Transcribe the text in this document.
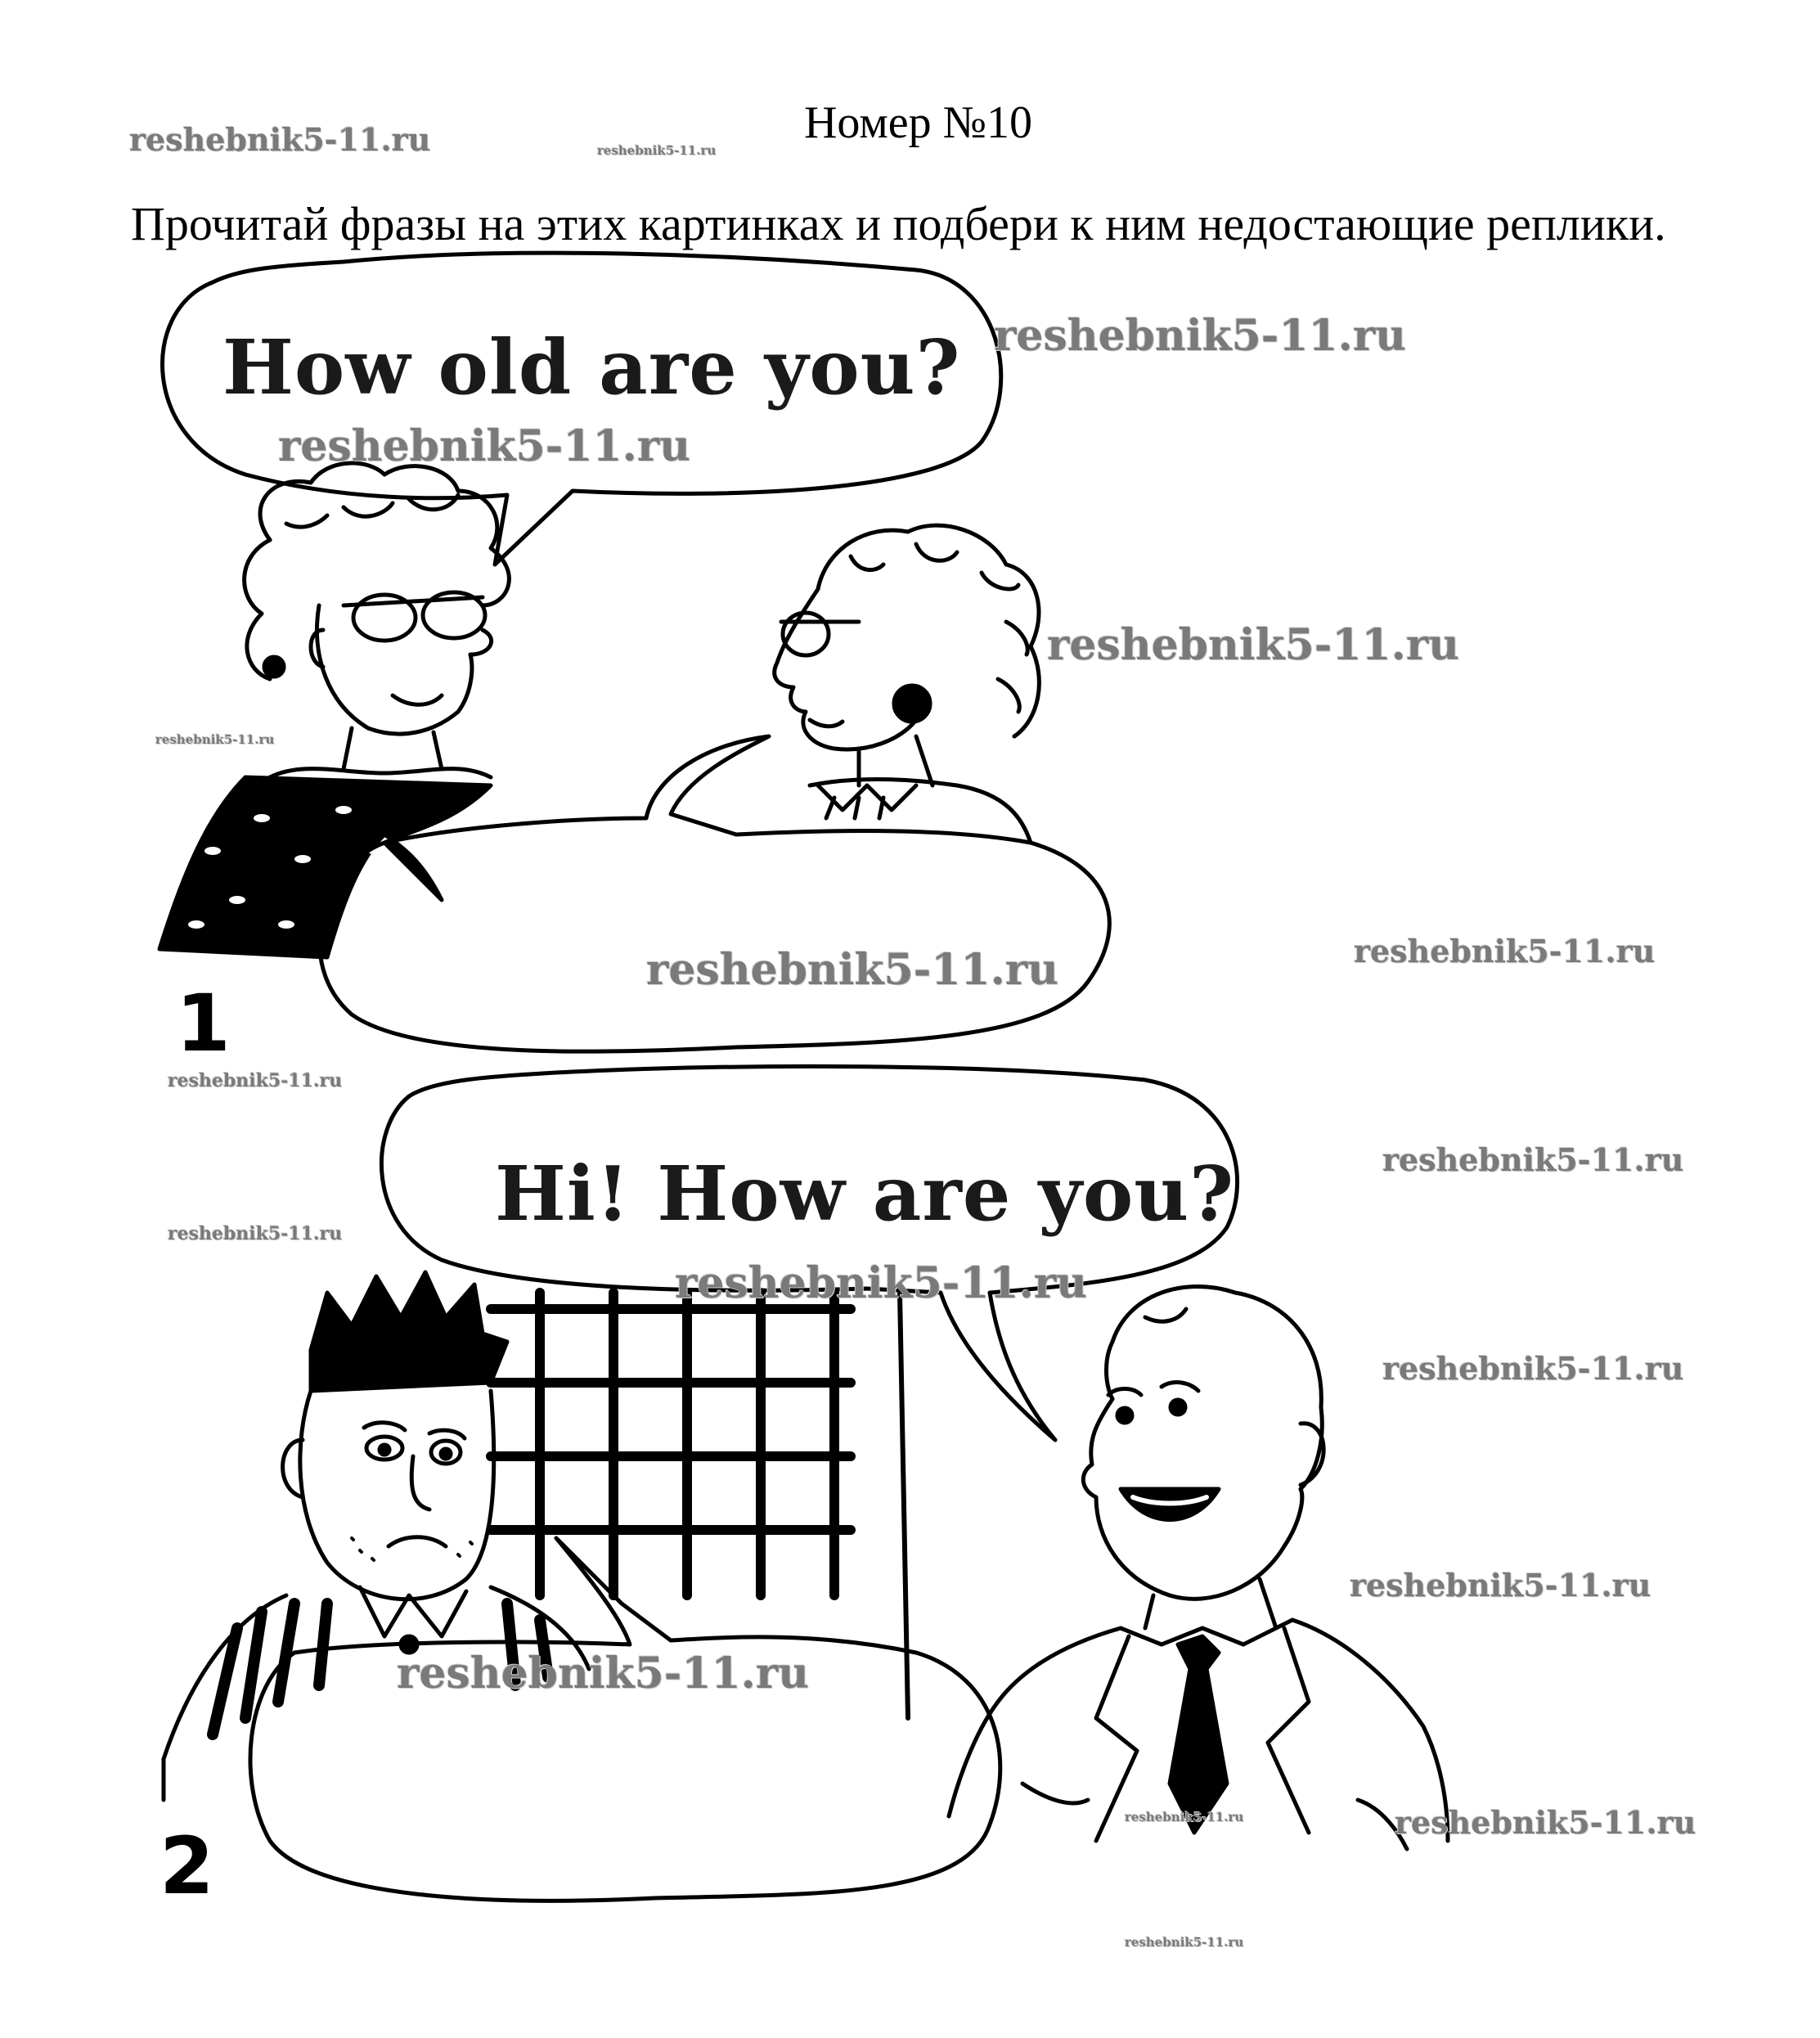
Номер №10
Прочитай фразы на этих картинках и подбери к ним недостающие реплики.
How old are you?
Hi! How are you?
1
2
reshebnik5-11.ru	reshebnik5-11.ru
reshebnik5-11.ru
reshebnik5-11.ru
reshebnik5-11.ru
reshebnik5-11.ru
reshebnik5-11.ru	reshebnik5-11.ru
reshebnik5-11.ru
reshebnik5-11.ru
reshebnik5-11.ru
reshebnik5-11.ru
reshebnik5-11.ru
reshebnik5-11.ru
reshebnik5-11.ru
reshebnik5-11.ru	reshebnik5-11.ru
reshebnik5-11.ru
